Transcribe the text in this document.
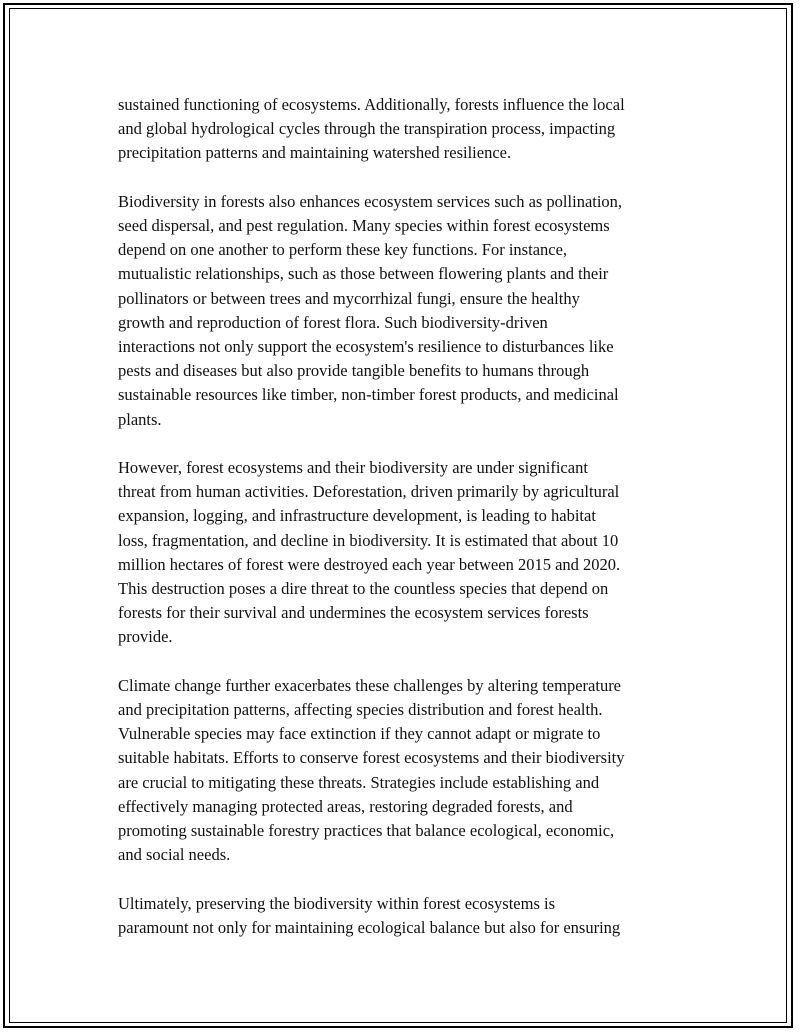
sustained functioning of ecosystems. Additionally, forests influence the local
and global hydrological cycles through the transpiration process, impacting
precipitation patterns and maintaining watershed resilience.

Biodiversity in forests also enhances ecosystem services such as pollination,
seed dispersal, and pest regulation. Many species within forest ecosystems
depend on one another to perform these key functions. For instance,
mutualistic relationships, such as those between flowering plants and their
pollinators or between trees and mycorrhizal fungi, ensure the healthy
growth and reproduction of forest flora. Such biodiversity-driven
interactions not only support the ecosystem's resilience to disturbances like
pests and diseases but also provide tangible benefits to humans through
sustainable resources like timber, non-timber forest products, and medicinal
plants.

However, forest ecosystems and their biodiversity are under significant
threat from human activities. Deforestation, driven primarily by agricultural
expansion, logging, and infrastructure development, is leading to habitat
loss, fragmentation, and decline in biodiversity. It is estimated that about 10
million hectares of forest were destroyed each year between 2015 and 2020.
This destruction poses a dire threat to the countless species that depend on
forests for their survival and undermines the ecosystem services forests
provide.

Climate change further exacerbates these challenges by altering temperature
and precipitation patterns, affecting species distribution and forest health.
Vulnerable species may face extinction if they cannot adapt or migrate to
suitable habitats. Efforts to conserve forest ecosystems and their biodiversity
are crucial to mitigating these threats. Strategies include establishing and
effectively managing protected areas, restoring degraded forests, and
promoting sustainable forestry practices that balance ecological, economic,
and social needs.

Ultimately, preserving the biodiversity within forest ecosystems is
paramount not only for maintaining ecological balance but also for ensuring
